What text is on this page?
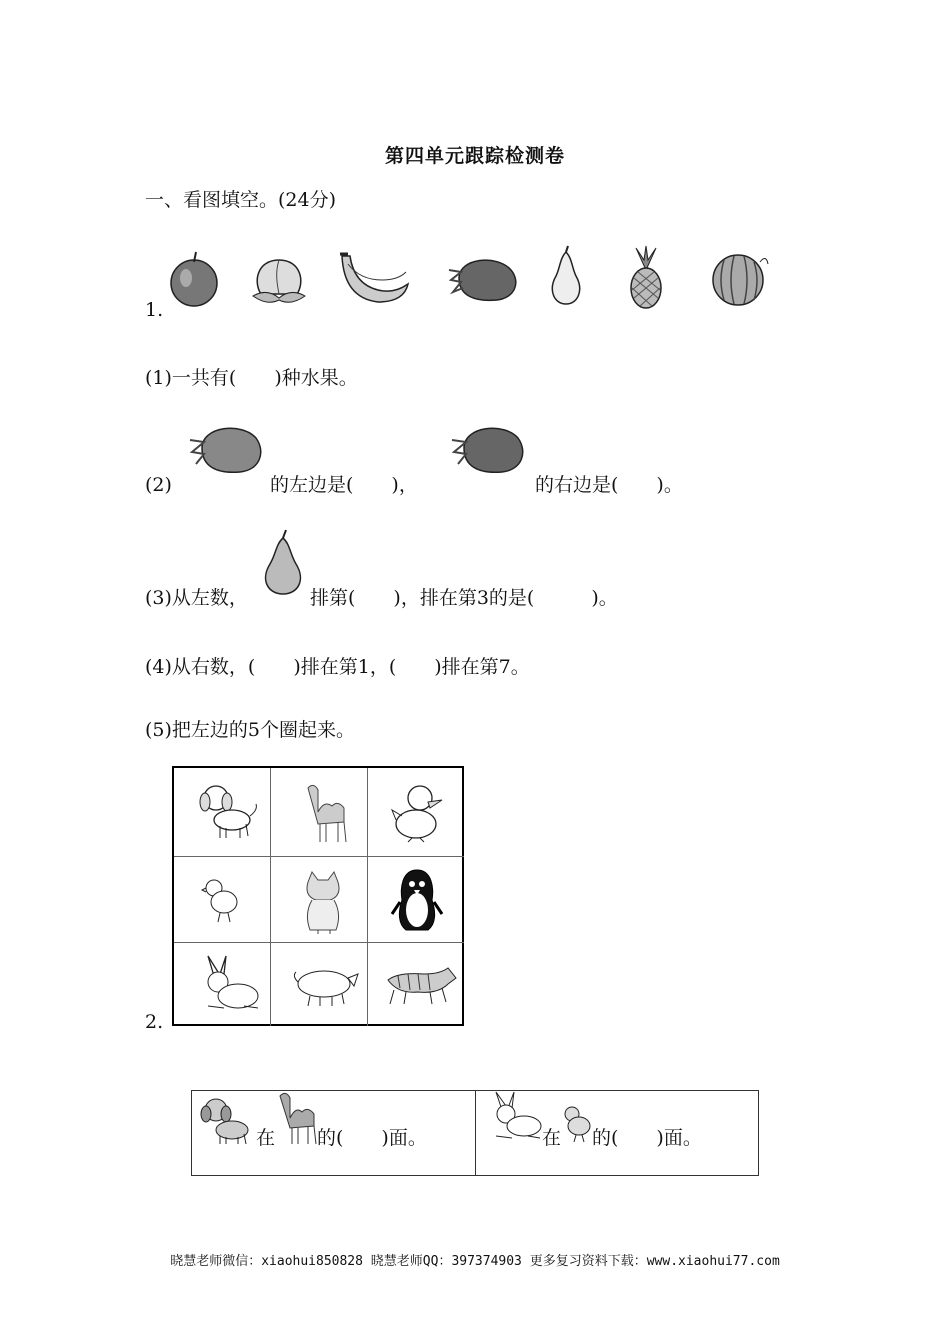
第四单元跟踪检测卷
一、看图填空。(24分)
1.
(1)一共有(　　)种水果。
(2)	的左边是(　　)，	的右边是(　　)。
(3)从左数，	排第(　　)，排在第3的是(　　　)。
(4)从右数，(　　)排在第1，(　　)排在第7。
(5)把左边的5个圈起来。
2.
在 的(　　)面。	在 的(　　)面。
晓慧老师微信：xiaohui850828 晓慧老师QQ：397374903 更多复习资料下载：www.xiaohui77.com
